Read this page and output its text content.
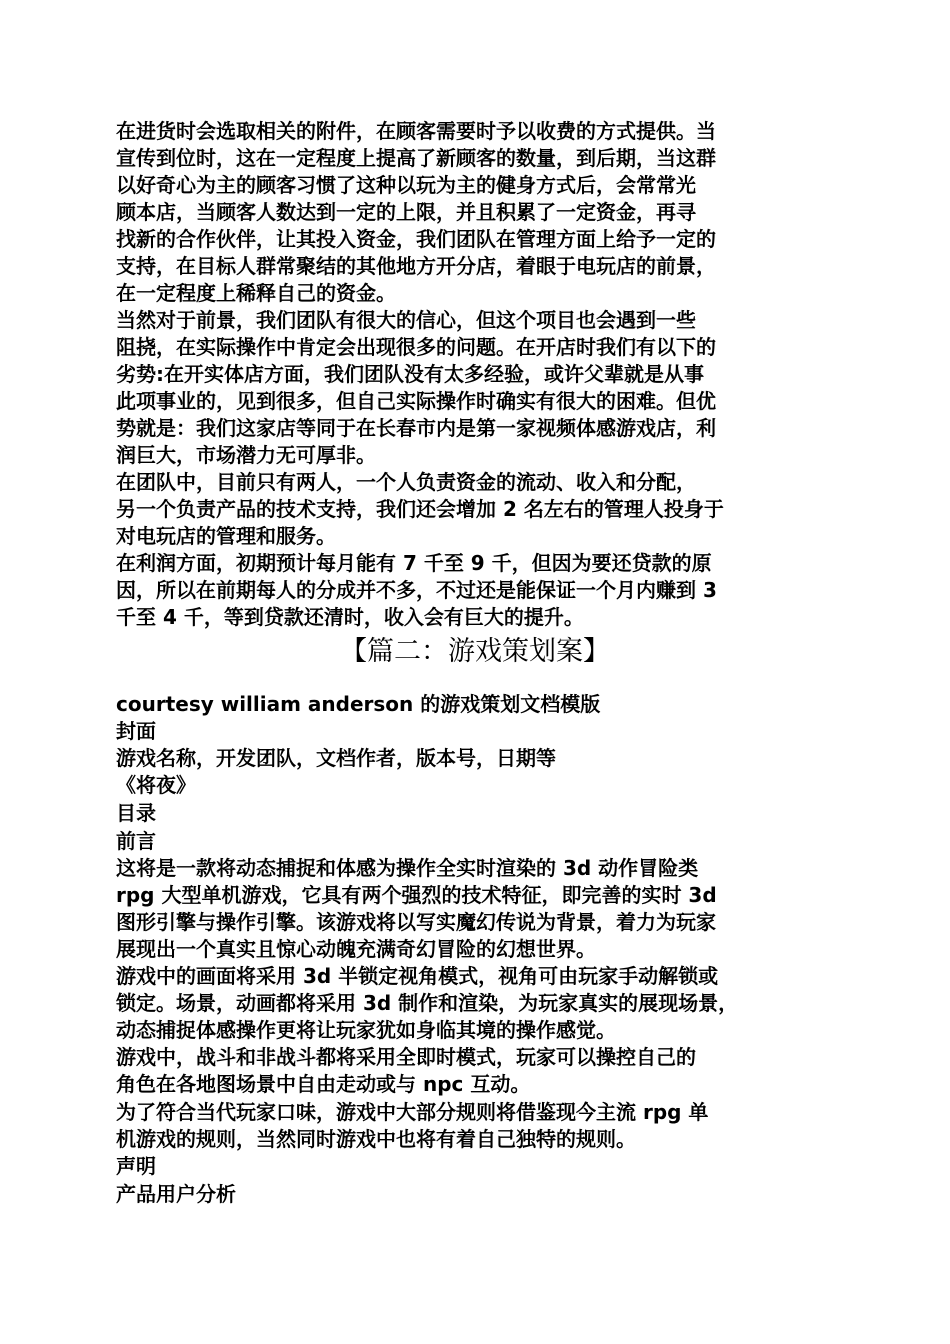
在进货时会选取相关的附件，在顾客需要时予以收费的方式提供。当
宣传到位时，这在一定程度上提高了新顾客的数量，到后期，当这群
以好奇心为主的顾客习惯了这种以玩为主的健身方式后，会常常光
顾本店，当顾客人数达到一定的上限，并且积累了一定资金，再寻
找新的合作伙伴，让其投入资金，我们团队在管理方面上给予一定的
支持，在目标人群常聚结的其他地方开分店，着眼于电玩店的前景，
在一定程度上稀释自己的资金。
当然对于前景，我们团队有很大的信心，但这个项目也会遇到一些
阻挠，在实际操作中肯定会出现很多的问题。在开店时我们有以下的
劣势:在开实体店方面，我们团队没有太多经验，或许父辈就是从事
此项事业的，见到很多，但自己实际操作时确实有很大的困难。但优
势就是：我们这家店等同于在长春市内是第一家视频体感游戏店，利
润巨大，市场潜力无可厚非。
在团队中，目前只有两人，一个人负责资金的流动、收入和分配，
另一个负责产品的技术支持，我们还会增加 2 名左右的管理人投身于
对电玩店的管理和服务。
在利润方面，初期预计每月能有 7 千至 9 千，但因为要还贷款的原
因，所以在前期每人的分成并不多，不过还是能保证一个月内赚到 3
千至 4 千，等到贷款还清时，收入会有巨大的提升。
【篇二：游戏策划案】
courtesy william anderson 的游戏策划文档模版
封面
游戏名称，开发团队，文档作者，版本号，日期等
《将夜》
目录
前言
这将是一款将动态捕捉和体感为操作全实时渲染的 3d 动作冒险类
rpg 大型单机游戏，它具有两个强烈的技术特征，即完善的实时 3d
图形引擎与操作引擎。该游戏将以写实魔幻传说为背景，着力为玩家
展现出一个真实且惊心动魄充满奇幻冒险的幻想世界。
游戏中的画面将采用 3d 半锁定视角模式，视角可由玩家手动解锁或
锁定。场景，动画都将采用 3d 制作和渲染，为玩家真实的展现场景，
动态捕捉体感操作更将让玩家犹如身临其境的操作感觉。
游戏中，战斗和非战斗都将采用全即时模式，玩家可以操控自己的
角色在各地图场景中自由走动或与 npc 互动。
为了符合当代玩家口味，游戏中大部分规则将借鉴现今主流 rpg 单
机游戏的规则，当然同时游戏中也将有着自己独特的规则。
声明
产品用户分析
